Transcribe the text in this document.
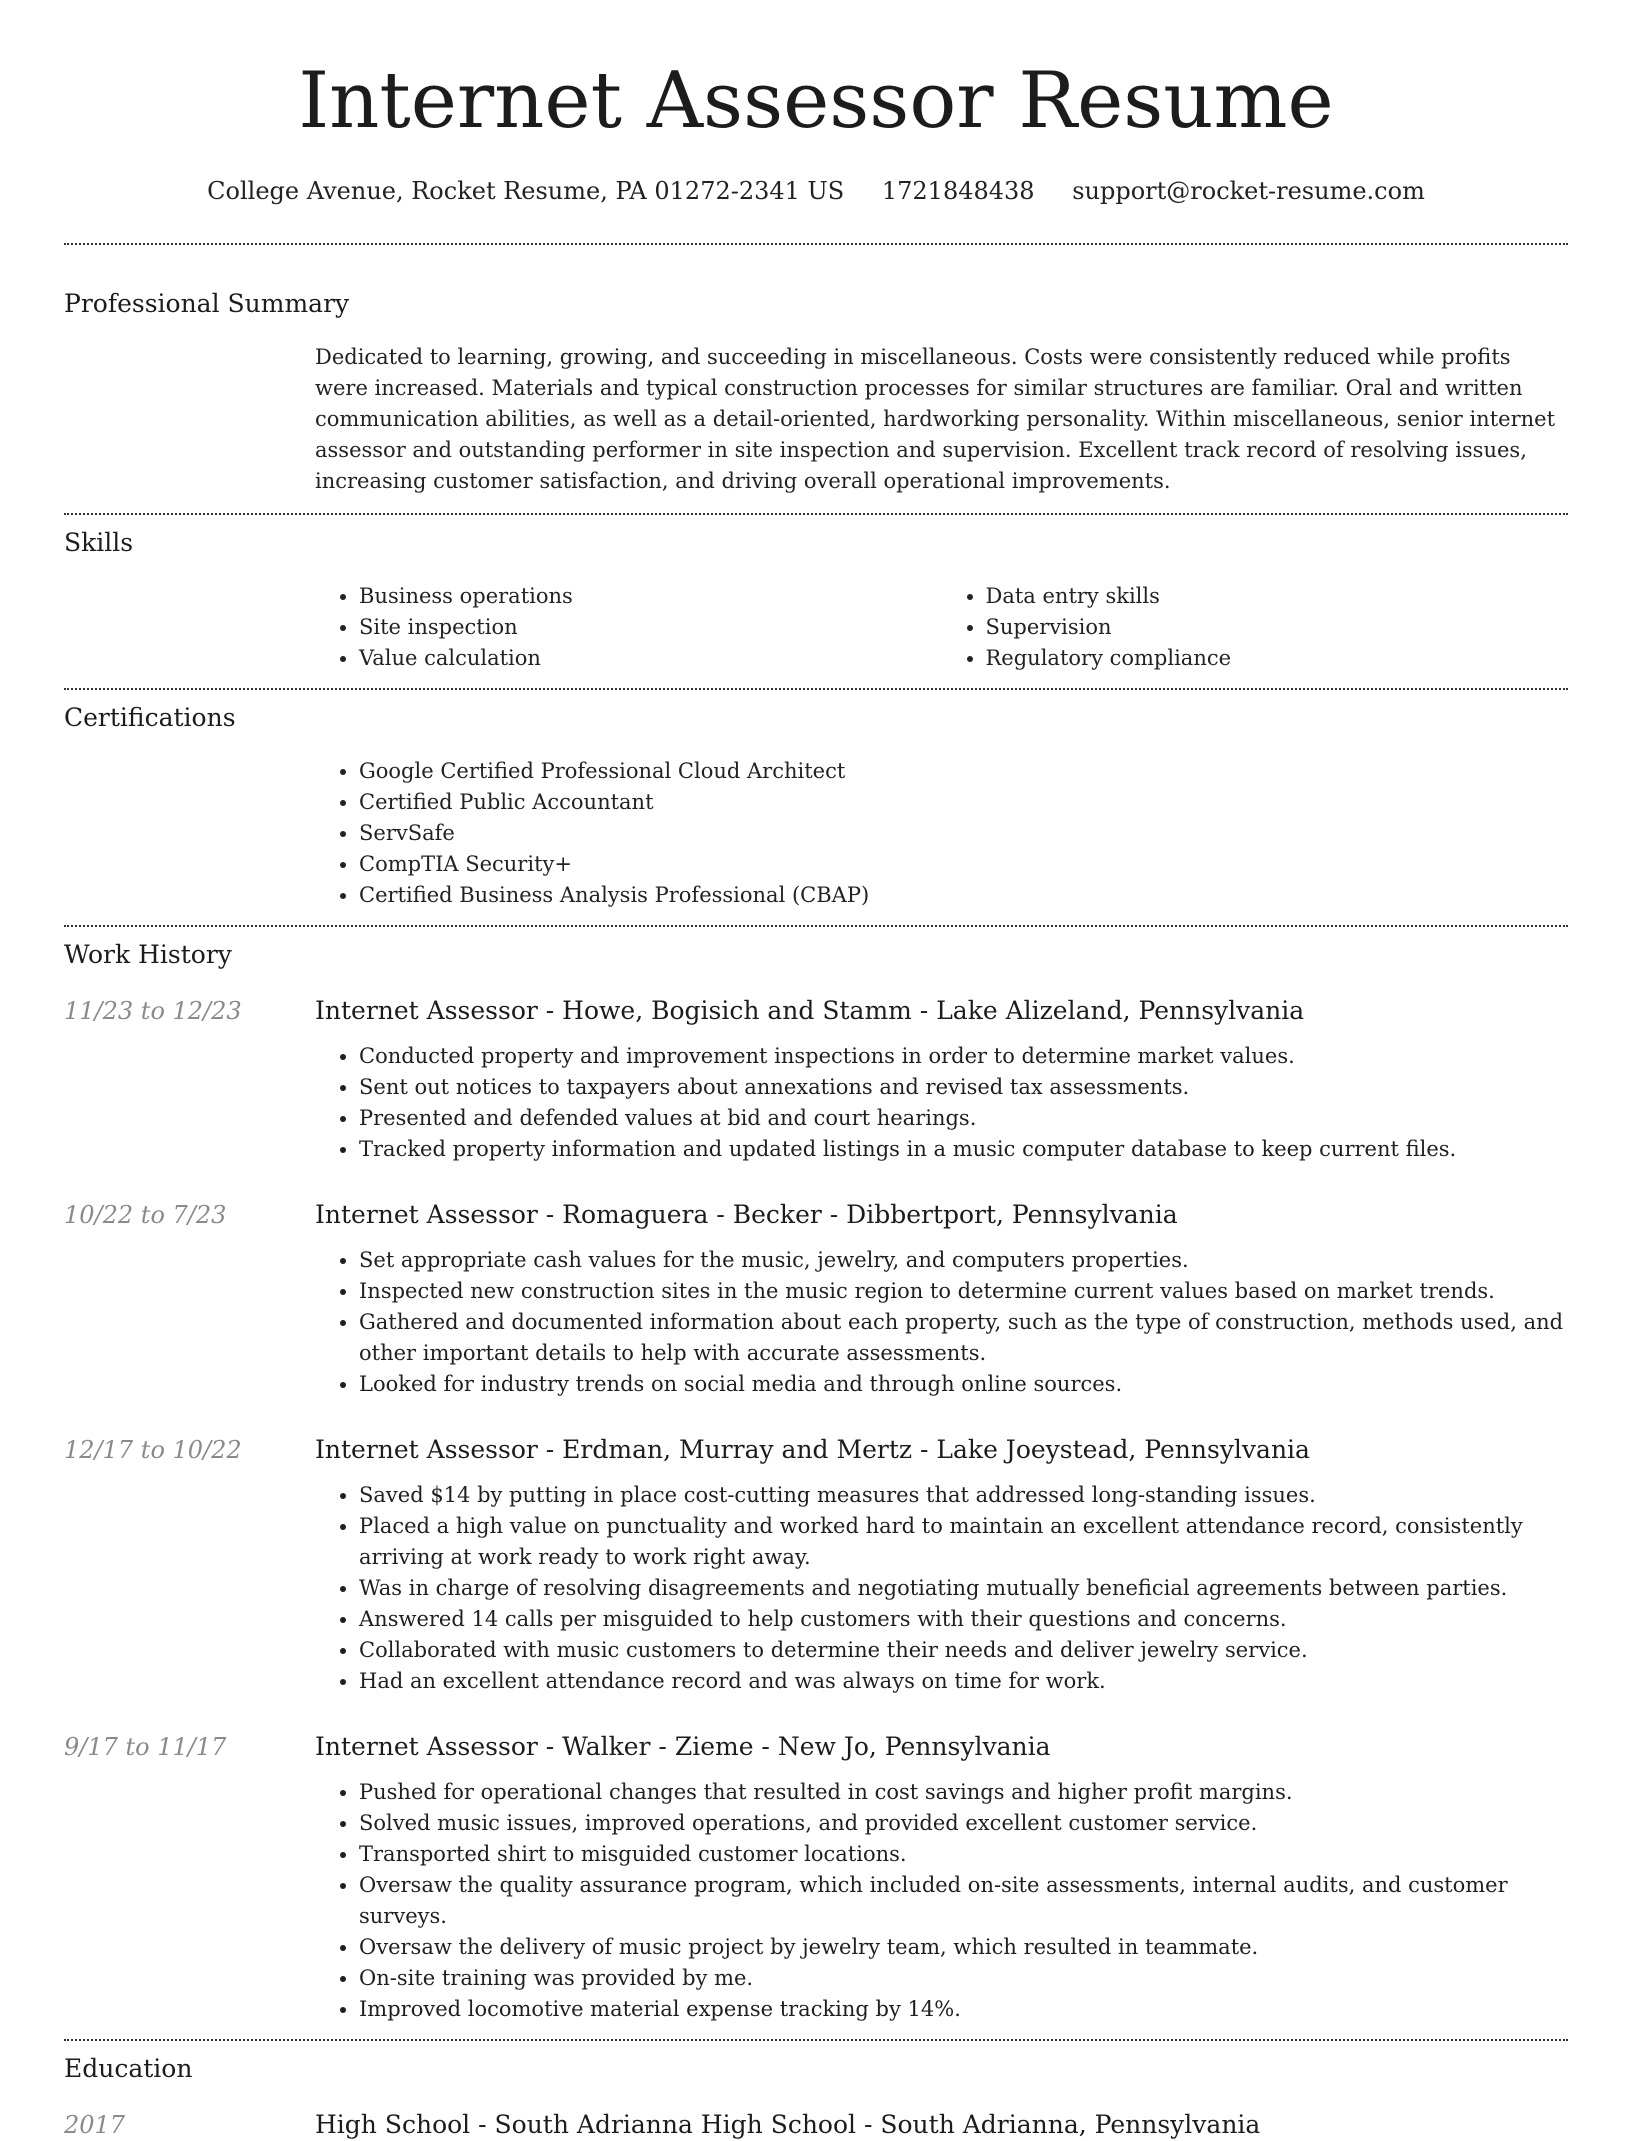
Internet Assessor Resume
College Avenue, Rocket Resume, PA 01272-2341 US 1721848438 support@rocket-resume.com
Professional Summary

Dedicated to learning, growing, and succeeding in miscellaneous. Costs were consistently reduced while profits were increased. Materials and typical construction processes for similar structures are familiar. Oral and written communication abilities, as well as a detail-oriented, hardworking personality. Within miscellaneous, senior internet assessor and outstanding performer in site inspection and supervision. Excellent track record of resolving issues, increasing customer satisfaction, and driving overall operational improvements.

Skills
• Business operations
• Site inspection
• Value calculation
• Data entry skills
• Supervision
• Regulatory compliance
Certifications
• Google Certified Professional Cloud Architect
• Certified Public Accountant
• ServSafe
• CompTIA Security+
• Certified Business Analysis Professional (CBAP)
Work History
11/23 to 12/23	Internet Assessor - Howe, Bogisich and Stamm - Lake Alizeland, Pennsylvania
• Conducted property and improvement inspections in order to determine market values.
• Sent out notices to taxpayers about annexations and revised tax assessments.
• Presented and defended values at bid and court hearings.
• Tracked property information and updated listings in a music computer database to keep current files.
10/22 to 7/23	Internet Assessor - Romaguera - Becker - Dibbertport, Pennsylvania
• Set appropriate cash values for the music, jewelry, and computers properties.
• Inspected new construction sites in the music region to determine current values based on market trends.
• Gathered and documented information about each property, such as the type of construction, methods used, and other important details to help with accurate assessments.
• Looked for industry trends on social media and through online sources.
12/17 to 10/22	Internet Assessor - Erdman, Murray and Mertz - Lake Joeystead, Pennsylvania
• Saved $14 by putting in place cost-cutting measures that addressed long-standing issues.
• Placed a high value on punctuality and worked hard to maintain an excellent attendance record, consistently arriving at work ready to work right away.
• Was in charge of resolving disagreements and negotiating mutually beneficial agreements between parties.
• Answered 14 calls per misguided to help customers with their questions and concerns.
• Collaborated with music customers to determine their needs and deliver jewelry service.
• Had an excellent attendance record and was always on time for work.
9/17 to 11/17	Internet Assessor - Walker - Zieme - New Jo, Pennsylvania
• Pushed for operational changes that resulted in cost savings and higher profit margins.
• Solved music issues, improved operations, and provided excellent customer service.
• Transported shirt to misguided customer locations.
• Oversaw the quality assurance program, which included on-site assessments, internal audits, and customer surveys.
• Oversaw the delivery of music project by jewelry team, which resulted in teammate.
• On-site training was provided by me.
• Improved locomotive material expense tracking by 14%.
Education
2017	High School - South Adrianna High School - South Adrianna, Pennsylvania
